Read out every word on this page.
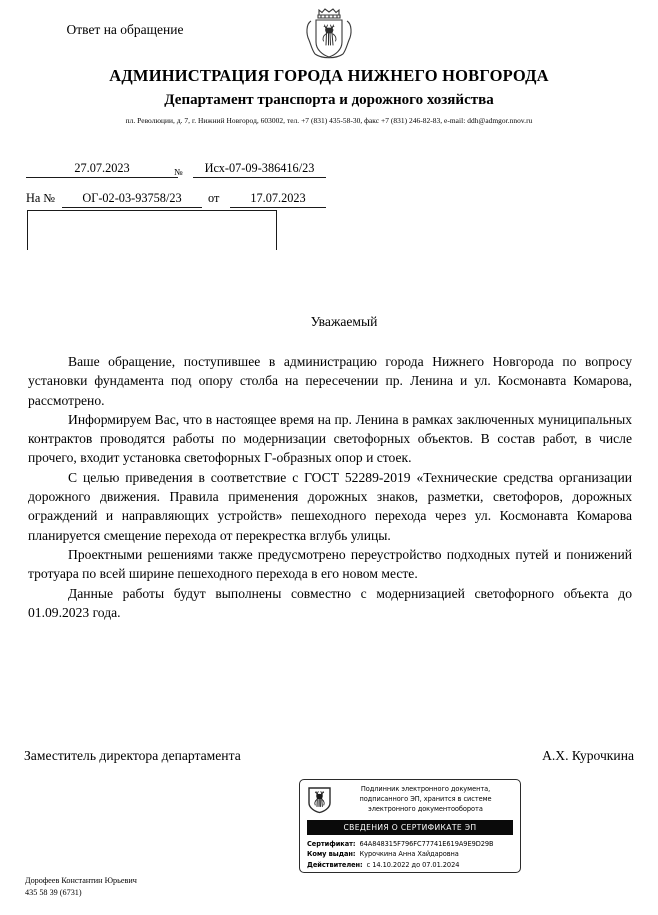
АДМИНИСТРАЦИЯ ГОРОДА НИЖНЕГО НОВГОРОДА
Департамент транспорта и дорожного хозяйства
пл. Революции, д. 7, г. Нижний Новгород, 603002, тел. +7 (831) 435-58-30, факс +7 (831) 246-82-83, e-mail: ddh@admgor.nnov.ru
27.07.2023	№	Исх-07-09-386416/23
На №	ОГ-02-03-93758/23	от	17.07.2023
Ответ на обращение
Уважаемый

Ваше обращение, поступившее в администрацию города Нижнего Новгорода по вопросу установки фундамента под опору столба на пересечении пр. Ленина и ул. Космонавта Комарова, рассмотрено.

Информируем Вас, что в настоящее время на пр. Ленина в рамках заключенных муниципальных контрактов проводятся работы по модернизации светофорных объектов. В состав работ, в числе прочего, входит установка светофорных Г-образных опор и стоек.

С целью приведения в соответствие с ГОСТ 52289-2019 «Технические средства организации дорожного движения. Правила применения дорожных знаков, разметки, светофоров, дорожных ограждений и направляющих устройств» пешеходного перехода через ул. Космонавта Комарова планируется смещение перехода от перекрестка вглубь улицы.

Проектными решениями также предусмотрено переустройство подходных путей и понижений тротуара по всей ширине пешеходного перехода в его новом месте.

Данные работы будут выполнены совместно с модернизацией светофорного объекта до 01.09.2023 года.

Заместитель директора департамента	А.Х. Курочкина
Подлинник электронного документа, подписанного ЭП, хранится в системе электронного документооборота
СВЕДЕНИЯ О СЕРТИФИКАТЕ ЭП
Сертификат: 64A848315F796FC77741E619A9E9D29B
Кому выдан: Курочкина Анна Хайдаровна
Действителен: с 14.10.2022 до 07.01.2024
Дорофеев Константин Юрьевич
435 58 39 (6731)
